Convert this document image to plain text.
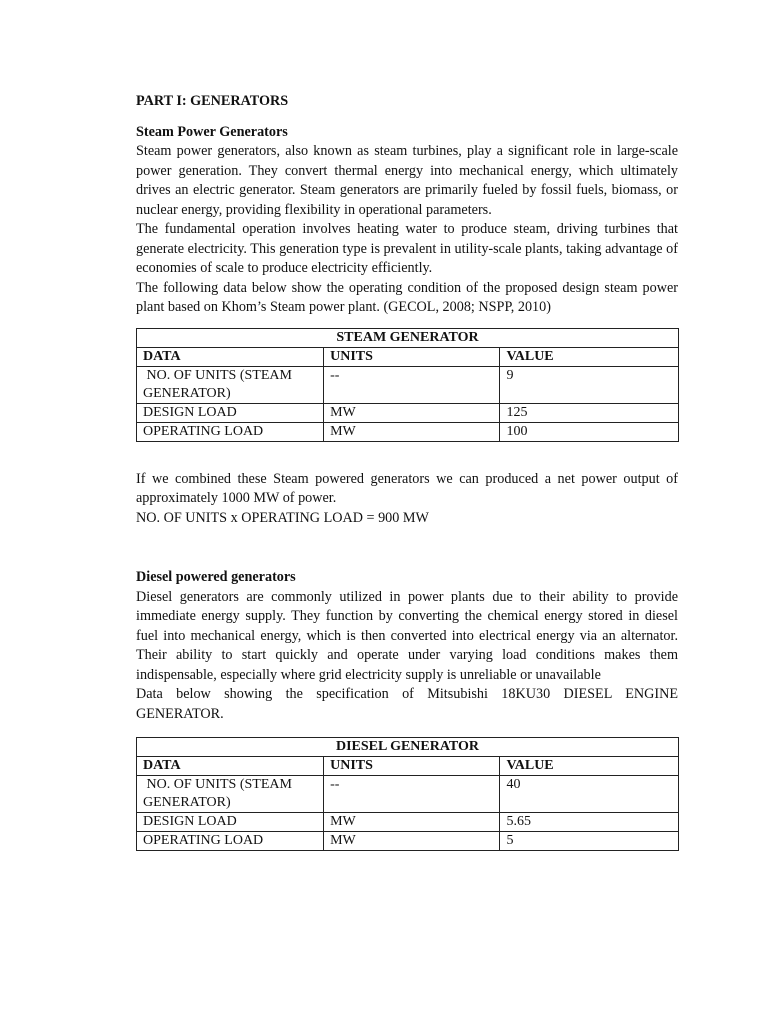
PART I: GENERATORS
Steam Power Generators

Steam power generators, also known as steam turbines, play a significant role in large-scale power generation. They convert thermal energy into mechanical energy, which ultimately drives an electric generator. Steam generators are primarily fueled by fossil fuels, biomass, or nuclear energy, providing flexibility in operational parameters.

The fundamental operation involves heating water to produce steam, driving turbines that generate electricity. This generation type is prevalent in utility-scale plants, taking advantage of economies of scale to produce electricity efficiently.

The following data below show the operating condition of the proposed design steam power plant based on Khom’s Steam power plant. (GECOL, 2008; NSPP, 2010)

STEAM GENERATOR		
DATA	UNITS	VALUE
NO. OF UNITS (STEAM GENERATOR)	--	9
DESIGN LOAD	MW	125
OPERATING LOAD	MW	100

If we combined these Steam powered generators we can produced a net power output of approximately 1000 MW of power.

NO. OF UNITS x OPERATING LOAD = 900 MW

Diesel powered generators

Diesel generators are commonly utilized in power plants due to their ability to provide immediate energy supply. They function by converting the chemical energy stored in diesel fuel into mechanical energy, which is then converted into electrical energy via an alternator. Their ability to start quickly and operate under varying load conditions makes them indispensable, especially where grid electricity supply is unreliable or unavailable

Data below showing the specification of Mitsubishi 18KU30 DIESEL ENGINE GENERATOR.

DIESEL GENERATOR		
DATA	UNITS	VALUE
NO. OF UNITS (STEAM GENERATOR)	--	40
DESIGN LOAD	MW	5.65
OPERATING LOAD	MW	5
